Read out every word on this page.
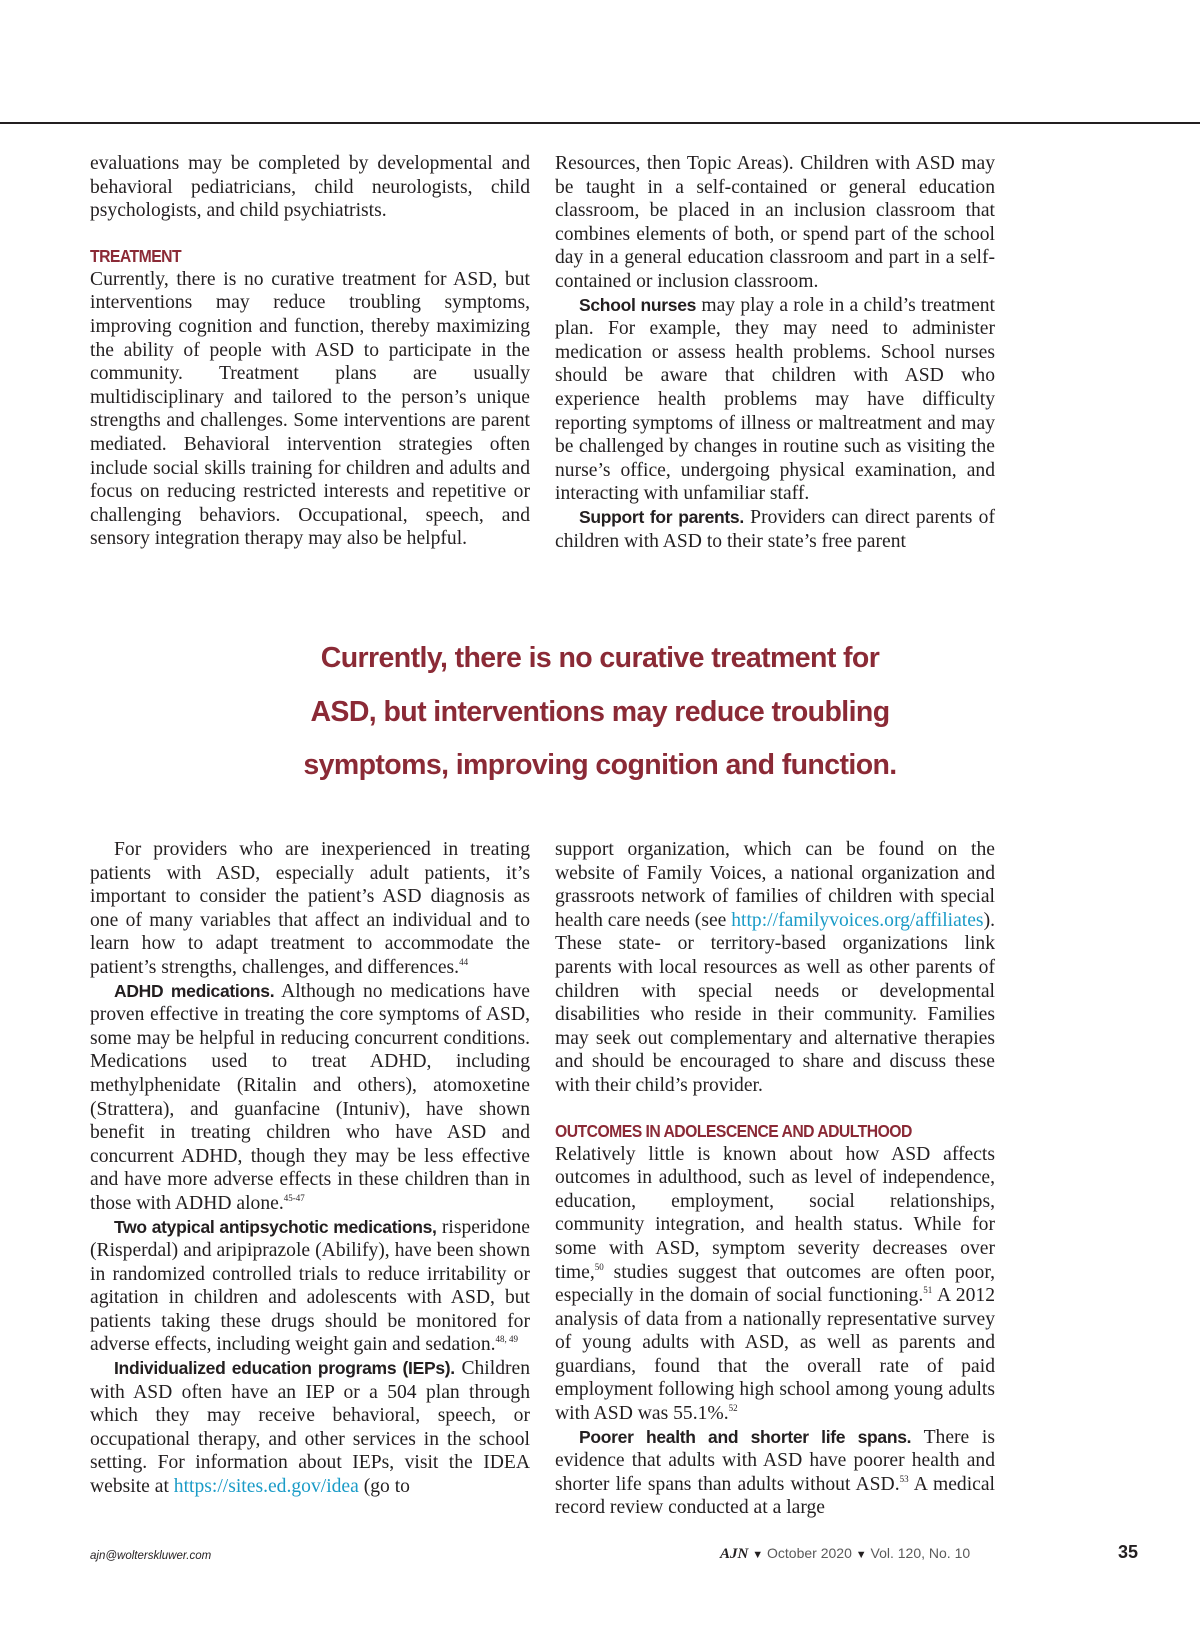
evaluations may be completed by developmental and behavioral pediatricians, child neurologists, child psychologists, and child psychiatrists.

TREATMENT

Currently, there is no curative treatment for ASD, but interventions may reduce troubling symptoms, improving cognition and function, thereby maximizing the ability of people with ASD to participate in the community. Treatment plans are usually multidisciplinary and tailored to the person’s unique strengths and challenges. Some interventions are parent mediated. Behavioral intervention strategies often include social skills training for children and adults and focus on reducing restricted interests and repetitive or challenging behaviors. Occupational, speech, and sensory integration therapy may also be helpful.

Resources, then Topic Areas). Children with ASD may be taught in a self-contained or general education classroom, be placed in an inclusion classroom that combines elements of both, or spend part of the school day in a general education classroom and part in a self-contained or inclusion classroom.

School nurses may play a role in a child’s treatment plan. For example, they may need to administer medication or assess health problems. School nurses should be aware that children with ASD who experience health problems may have difficulty reporting symptoms of illness or maltreatment and may be challenged by changes in routine such as visiting the nurse’s office, undergoing physical examination, and interacting with unfamiliar staff.

Support for parents. Providers can direct parents of children with ASD to their state’s free parent

Currently, there is no curative treatment for
ASD, but interventions may reduce troubling
symptoms, improving cognition and function.

For providers who are inexperienced in treating patients with ASD, especially adult patients, it’s important to consider the patient’s ASD diagnosis as one of many variables that affect an individual and to learn how to adapt treatment to accommodate the patient’s strengths, challenges, and differences.$^{44}$

ADHD medications. Although no medications have proven effective in treating the core symptoms of ASD, some may be helpful in reducing concurrent conditions. Medications used to treat ADHD, including methylphenidate (Ritalin and others), atomoxetine (Strattera), and guanfacine (Intuniv), have shown benefit in treating children who have ASD and concurrent ADHD, though they may be less effective and have more adverse effects in these children than in those with ADHD alone.$^{45-47}$

Two atypical antipsychotic medications, risperidone (Risperdal) and aripiprazole (Abilify), have been shown in randomized controlled trials to reduce irritability or agitation in children and adolescents with ASD, but patients taking these drugs should be monitored for adverse effects, including weight gain and sedation.$^{48, 49}$

Individualized education programs (IEPs). Children with ASD often have an IEP or a 504 plan through which they may receive behavioral, speech, or occupational therapy, and other services in the school setting. For information about IEPs, visit the IDEA website at https://sites.ed.gov/idea (go to

support organization, which can be found on the website of Family Voices, a national organization and grassroots network of families of children with special health care needs (see http://familyvoices.org/affiliates). These state- or territory-based organizations link parents with local resources as well as other parents of children with special needs or developmental disabilities who reside in their community. Families may seek out complementary and alternative therapies and should be encouraged to share and discuss these with their child’s provider.

OUTCOMES IN ADOLESCENCE AND ADULTHOOD

Relatively little is known about how ASD affects outcomes in adulthood, such as level of independence, education, employment, social relationships, community integration, and health status. While for some with ASD, symptom severity decreases over time,$^{50}$ studies suggest that outcomes are often poor, especially in the domain of social functioning.$^{51}$ A 2012 analysis of data from a nationally representative survey of young adults with ASD, as well as parents and guardians, found that the overall rate of paid employment following high school among young adults with ASD was 55.1%.$^{52}$

Poorer health and shorter life spans. There is evidence that adults with ASD have poorer health and shorter life spans than adults without ASD.$^{53}$ A medical record review conducted at a large

ajn@wolterskluwer.com	AJN ▼ October 2020 ▼ Vol. 120, No. 10	35
